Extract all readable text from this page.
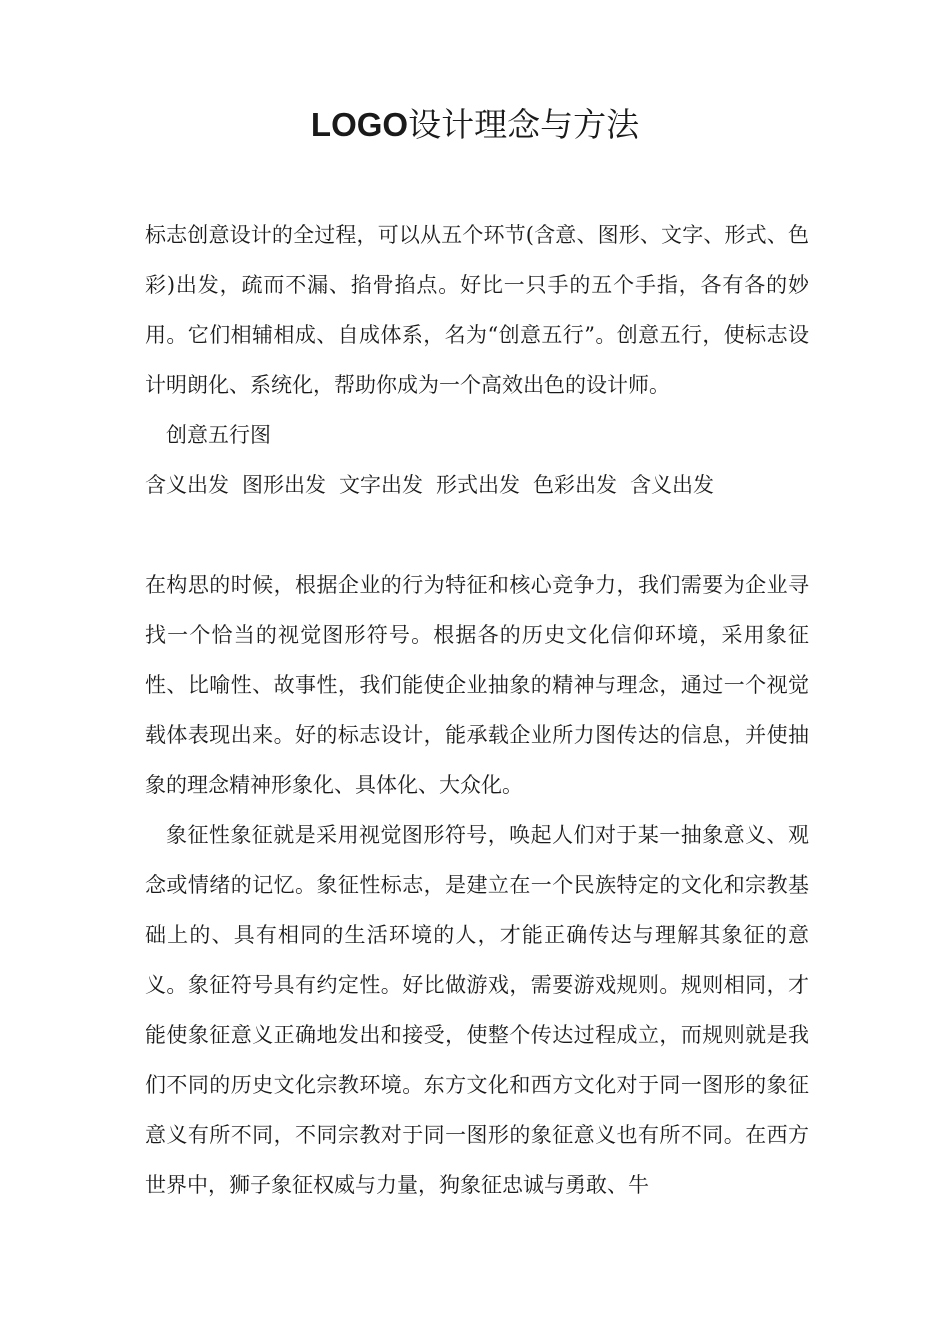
LOGO设计理念与方法

标志创意设计的全过程，可以从五个环节(含意、图形、文字、形式、色彩)出发，疏而不漏、掐骨掐点。好比一只手的五个手指，各有各的妙用。它们相辅相成、自成体系，名为“创意五行”。创意五行，使标志设计明朗化、系统化，帮助你成为一个高效出色的设计师。

创意五行图

含义出发 图形出发 文字出发 形式出发 色彩出发 含义出发

在构思的时候，根据企业的行为特征和核心竞争力，我们需要为企业寻找一个恰当的视觉图形符号。根据各的历史文化信仰环境，采用象征性、比喻性、故事性，我们能使企业抽象的精神与理念，通过一个视觉载体表现出来。好的标志设计，能承载企业所力图传达的信息，并使抽象的理念精神形象化、具体化、大众化。

象征性象征就是采用视觉图形符号，唤起人们对于某一抽象意义、观念或情绪的记忆。象征性标志，是建立在一个民族特定的文化和宗教基础上的、具有相同的生活环境的人，才能正确传达与理解其象征的意义。象征符号具有约定性。好比做游戏，需要游戏规则。规则相同，才能使象征意义正确地发出和接受，使整个传达过程成立，而规则就是我们不同的历史文化宗教环境。东方文化和西方文化对于同一图形的象征意义有所不同，不同宗教对于同一图形的象征意义也有所不同。在西方世界中，狮子象征权威与力量，狗象征忠诚与勇敢、牛
